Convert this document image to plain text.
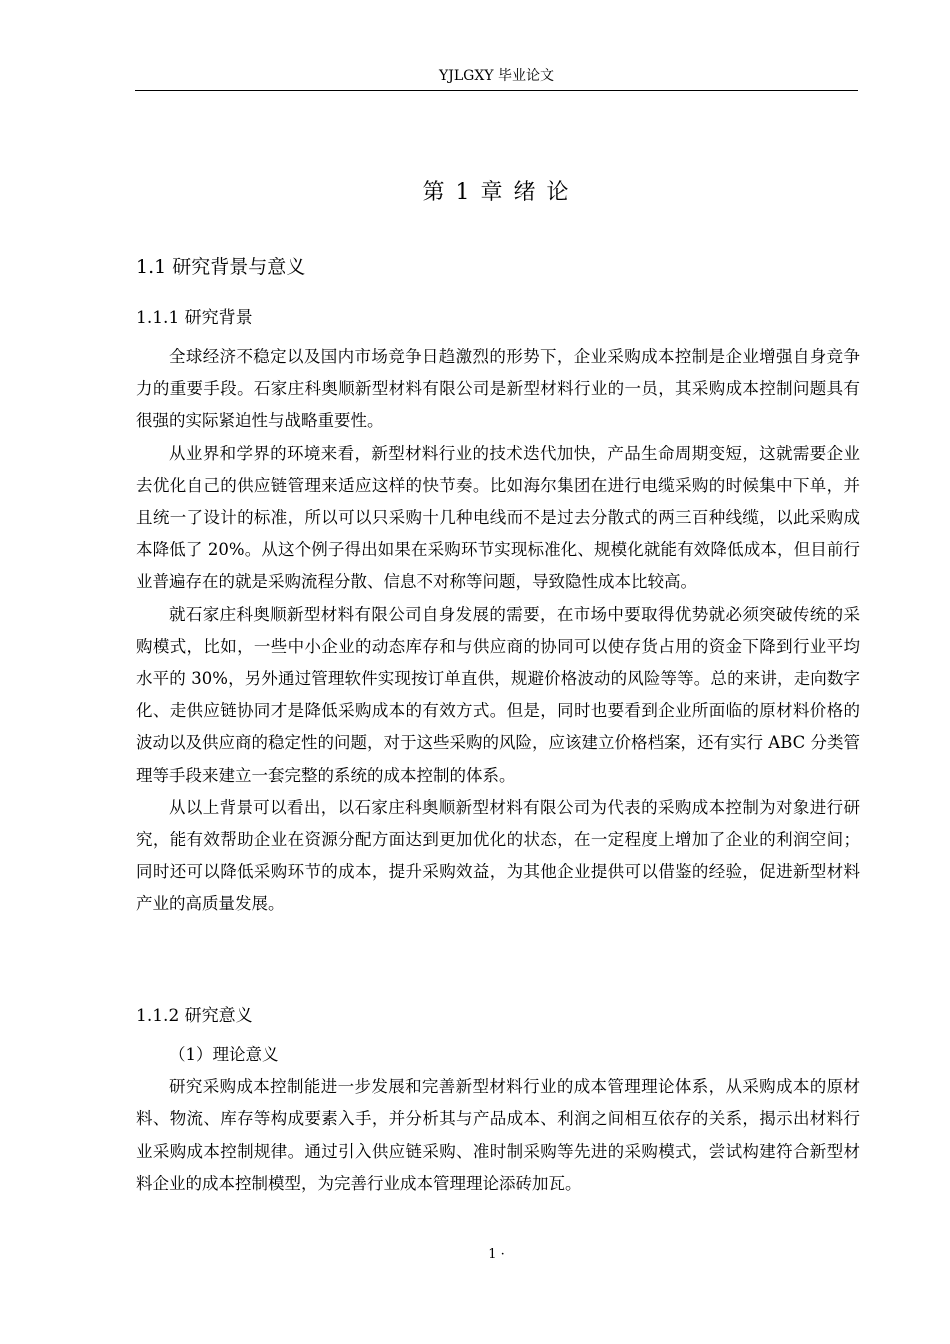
YJLGXY 毕业论文
第 1 章 绪 论
1.1 研究背景与意义
1.1.1 研究背景

全球经济不稳定以及国内市场竞争日趋激烈的形势下，企业采购成本控制是企业增强自身竞争力的重要手段。石家庄科奥顺新型材料有限公司是新型材料行业的一员，其采购成本控制问题具有很强的实际紧迫性与战略重要性。

从业界和学界的环境来看，新型材料行业的技术迭代加快，产品生命周期变短，这就需要企业去优化自己的供应链管理来适应这样的快节奏。比如海尔集团在进行电缆采购的时候集中下单，并且统一了设计的标准，所以可以只采购十几种电线而不是过去分散式的两三百种线缆，以此采购成本降低了 20%。从这个例子得出如果在采购环节实现标准化、规模化就能有效降低成本，但目前行业普遍存在的就是采购流程分散、信息不对称等问题，导致隐性成本比较高。

就石家庄科奥顺新型材料有限公司自身发展的需要，在市场中要取得优势就必须突破传统的采购模式，比如，一些中小企业的动态库存和与供应商的协同可以使存货占用的资金下降到行业平均水平的 30%，另外通过管理软件实现按订单直供，规避价格波动的风险等等。总的来讲，走向数字化、走供应链协同才是降低采购成本的有效方式。但是，同时也要看到企业所面临的原材料价格的波动以及供应商的稳定性的问题，对于这些采购的风险，应该建立价格档案，还有实行 ABC 分类管理等手段来建立一套完整的系统的成本控制的体系。

从以上背景可以看出，以石家庄科奥顺新型材料有限公司为代表的采购成本控制为对象进行研究，能有效帮助企业在资源分配方面达到更加优化的状态，在一定程度上增加了企业的利润空间；同时还可以降低采购环节的成本，提升采购效益，为其他企业提供可以借鉴的经验，促进新型材料产业的高质量发展。

1.1.2 研究意义

（1）理论意义

研究采购成本控制能进一步发展和完善新型材料行业的成本管理理论体系，从采购成本的原材料、物流、库存等构成要素入手，并分析其与产品成本、利润之间相互依存的关系，揭示出材料行业采购成本控制规律。通过引入供应链采购、准时制采购等先进的采购模式，尝试构建符合新型材料企业的成本控制模型，为完善行业成本管理理论添砖加瓦。

1 ·
